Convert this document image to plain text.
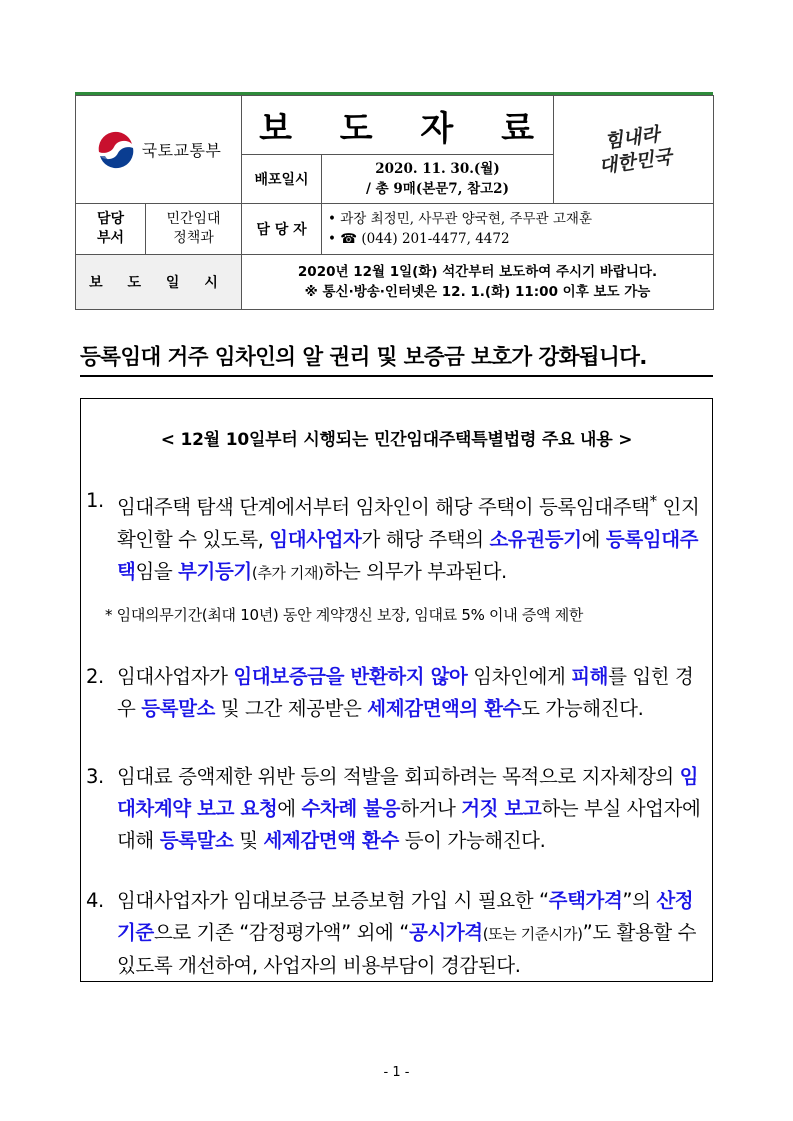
국토교통부		보 도 자 료		힘내라
대한민국
		배포일시	2020. 11. 30.(월)
/ 총 9매(본문7, 참고2)	
담당
부서	민간임대
정책과	담 당 자	• 과장 최정민, 사무관 양국현, 주무관 고재훈
• ☎ (044) 201-4477, 4472	
보 도 일 시		2020년 12월 1일(화) 석간부터 보도하여 주시기 바랍니다.
※ 통신·방송·인터넷은 12. 1.(화) 11:00 이후 보도 가능		
등록임대 거주 임차인의 알 권리 및 보증금 보호가 강화됩니다.
< 12월 10일부터 시행되는 민간임대주택특별법령 주요 내용 >
1. 임대주택 탐색 단계에서부터 임차인이 해당 주택이 등록임대주택* 인지 확인할 수 있도록, 임대사업자가 해당 주택의 소유권등기에 등록임대주택임을 부기등기(추가 기재)하는 의무가 부과된다.
* 임대의무기간(최대 10년) 동안 계약갱신 보장, 임대료 5% 이내 증액 제한
2. 임대사업자가 임대보증금을 반환하지 않아 임차인에게 피해를 입힌 경우 등록말소 및 그간 제공받은 세제감면액의 환수도 가능해진다.
3. 임대료 증액제한 위반 등의 적발을 회피하려는 목적으로 지자체장의 임대차계약 보고 요청에 수차례 불응하거나 거짓 보고하는 부실 사업자에 대해 등록말소 및 세제감면액 환수 등이 가능해진다.
4. 임대사업자가 임대보증금 보증보험 가입 시 필요한 “주택가격”의 산정기준으로 기존 “감정평가액” 외에 “공시가격(또는 기준시가)”도 활용할 수 있도록 개선하여, 사업자의 비용부담이 경감된다.
- 1 -
